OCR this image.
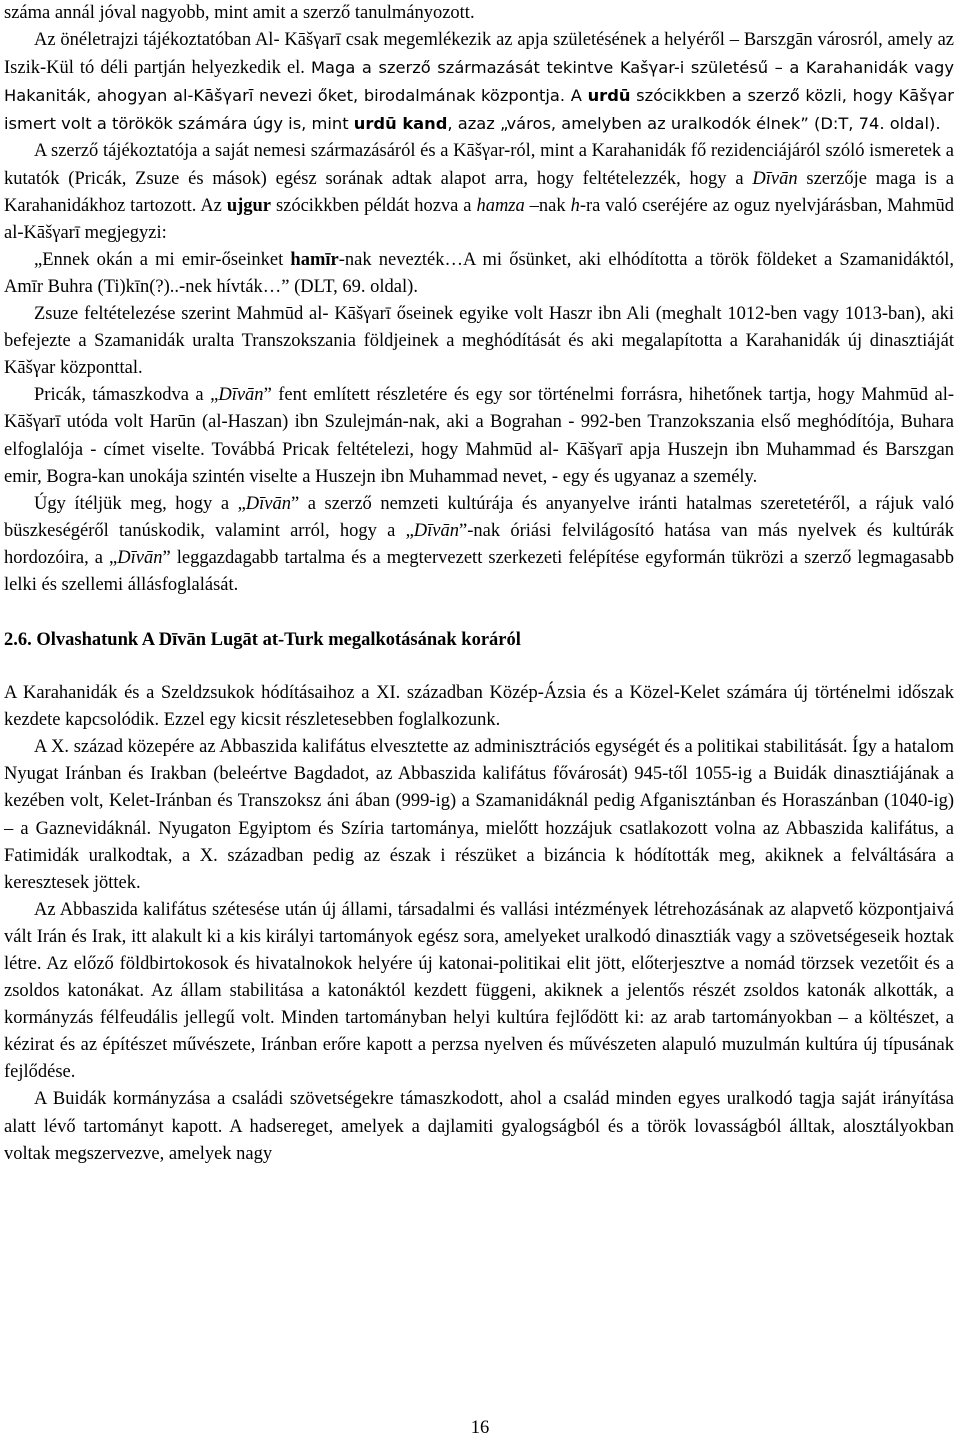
száma annál jóval nagyobb, mint amit a szerző tanulmányozott.

Az önéletrajzi tájékoztatóban Al- Kāšγarī csak megemlékezik az apja születésének a helyéről – Barszgān városról, amely az Iszik-Kül tó déli partján helyezkedik el. Maga a szerző származását tekintve Kašγar-i születésű – a Karahanidák vagy Hakaniták, ahogyan al-Kāšγarī nevezi őket, birodalmának központja. A urdū szócikkben a szerző közli, hogy Kāšγar ismert volt a törökök számára úgy is, mint urdū kand, azaz „város, amelyben az uralkodók élnek” (D:T, 74. oldal).

A szerző tájékoztatója a saját nemesi származásáról és a Kāšγar-ról, mint a Karahanidák fő rezidenciájáról szóló ismeretek a kutatók (Pricák, Zsuze és mások) egész sorának adtak alapot arra, hogy feltételezzék, hogy a Dīvān szerzője maga is a Karahanidákhoz tartozott. Az ujgur szócikkben példát hozva a hamza –nak h-ra való cseréjére az oguz nyelvjárásban, Mahmūd al-Kāšγarī megjegyzi:

„Ennek okán a mi emir-őseinket hamīr-nak nevezték…A mi ősünket, aki elhódította a török földeket a Szamanidáktól, Amīr Buhra (Ti)kīn(?)..-nek hívták…” (DLT, 69. oldal).

Zsuze feltételezése szerint Mahmūd al- Kāšγarī őseinek egyike volt Haszr ibn Ali (meghalt 1012-ben vagy 1013-ban), aki befejezte a Szamanidák uralta Transzokszania földjeinek a meghódítását és aki megalapította a Karahanidák új dinasztiáját Kāšγar központtal.

Pricák, támaszkodva a „Dīvān” fent említett részletére és egy sor történelmi forrásra, hihetőnek tartja, hogy Mahmūd al- Kāšγarī utóda volt Harūn (al-Haszan) ibn Szulejmán-nak, aki a Bograhan - 992-ben Tranzokszania első meghódítója, Buhara elfoglalója - címet viselte. Továbbá Pricak feltételezi, hogy Mahmūd al- Kāšγarī apja Huszejn ibn Muhammad és Barszgan emir, Bogra-kan unokája szintén viselte a Huszejn ibn Muhammad nevet, - egy és ugyanaz a személy.

Úgy ítéljük meg, hogy a „Dīvān” a szerző nemzeti kultúrája és anyanyelve iránti hatalmas szeretetéről, a rájuk való büszkeségéről tanúskodik, valamint arról, hogy a „Dīvān”-nak óriási felvilágosító hatása van más nyelvek és kultúrák hordozóira, a „Dīvān” leggazdagabb tartalma és a megtervezett szerkezeti felépítése egyformán tükrözi a szerző legmagasabb lelki és szellemi állásfoglalását.

2.6. Olvashatunk A Dīvān Lugāt at-Turk megalkotásának koráról

A Karahanidák és a Szeldzsukok hódításaihoz a XI. században Közép-Ázsia és a Közel-Kelet számára új történelmi időszak kezdete kapcsolódik. Ezzel egy kicsit részletesebben foglalkozunk.

A X. század közepére az Abbaszida kalifátus elvesztette az adminisztrációs egységét és a politikai stabilitását. Így a hatalom Nyugat Iránban és Irakban (beleértve Bagdadot, az Abbaszida kalifátus fővárosát) 945-től 1055-ig a Buidák dinasztiájának a kezében volt, Kelet-Iránban és Transzoksz áni ában (999-ig) a Szamanidáknál pedig Afganisztánban és Horaszánban (1040-ig) – a Gaznevidáknál. Nyugaton Egyiptom és Szíria tartománya, mielőtt hozzájuk csatlakozott volna az Abbaszida kalifátus, a Fatimidák uralkodtak, a X. században pedig az észak i részüket a bizáncia k hódították meg, akiknek a felváltására a keresztesek jöttek.

Az Abbaszida kalifátus szétesése után új állami, társadalmi és vallási intézmények létrehozásának az alapvető központjaivá vált Irán és Irak, itt alakult ki a kis királyi tartományok egész sora, amelyeket uralkodó dinasztiák vagy a szövetségeseik hoztak létre. Az előző földbirtokosok és hivatalnokok helyére új katonai-politikai elit jött, előterjesztve a nomád törzsek vezetőit és a zsoldos katonákat. Az állam stabilitása a katonáktól kezdett függeni, akiknek a jelentős részét zsoldos katonák alkották, a kormányzás félfeudális jellegű volt. Minden tartományban helyi kultúra fejlődött ki: az arab tartományokban – a költészet, a kézirat és az építészet művészete, Iránban erőre kapott a perzsa nyelven és művészeten alapuló muzulmán kultúra új típusának fejlődése.

A Buidák kormányzása a családi szövetségekre támaszkodott, ahol a család minden egyes uralkodó tagja saját irányítása alatt lévő tartományt kapott. A hadsereget, amelyek a dajlamiti gyalogságból és a török lovasságból álltak, alosztályokban voltak megszervezve, amelyek nagy

16
